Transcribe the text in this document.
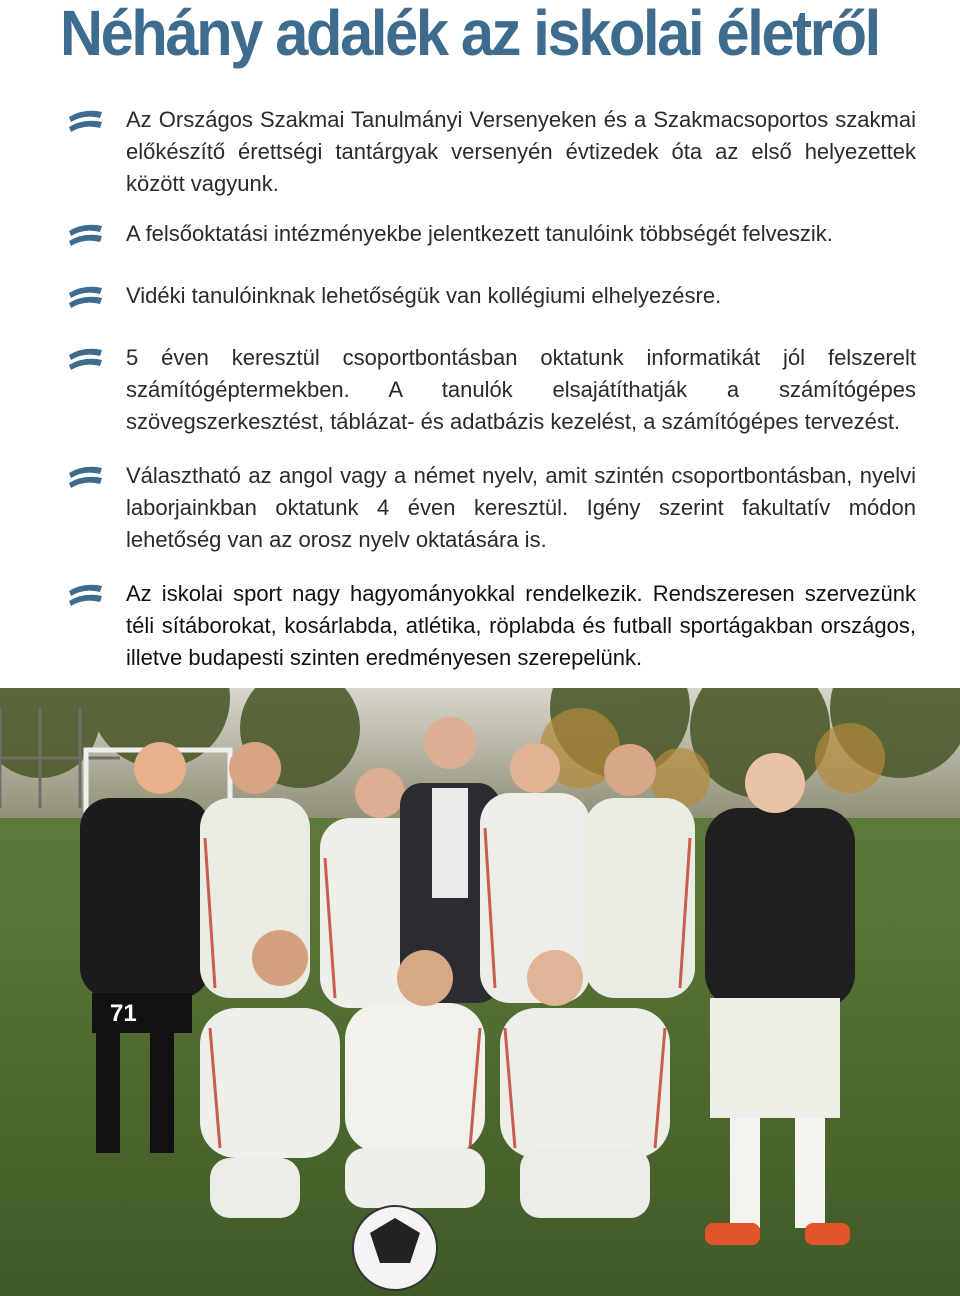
Néhány adalék az iskolai életről
Az Országos Szakmai Tanulmányi Versenyeken és a Szakmacsoportos szakmai előkészítő érettségi tantárgyak versenyén évtizedek óta az első helyezettek között vagyunk.
A felsőoktatási intézményekbe jelentkezett tanulóink többségét felveszik.
Vidéki tanulóinknak lehetőségük van kollégiumi elhelyezésre.
5 éven keresztül csoportbontásban oktatunk informatikát jól felszerelt számítógéptermekben. A tanulók elsajátíthatják a számítógépes szövegszerkesztést, táblázat- és adatbázis kezelést, a számítógépes tervezést.
Választható az angol vagy a német nyelv, amit szintén csoportbontásban, nyelvi laborjainkban oktatunk 4 éven keresztül. Igény szerint fakultatív módon lehetőség van az orosz nyelv oktatására is.
Az iskolai sport nagy hagyományokkal rendelkezik. Rendszeresen szervezünk téli sítáborokat, kosárlabda, atlétika, röplabda és futball sportágakban országos, illetve budapesti szinten eredményesen szerepelünk.
71
